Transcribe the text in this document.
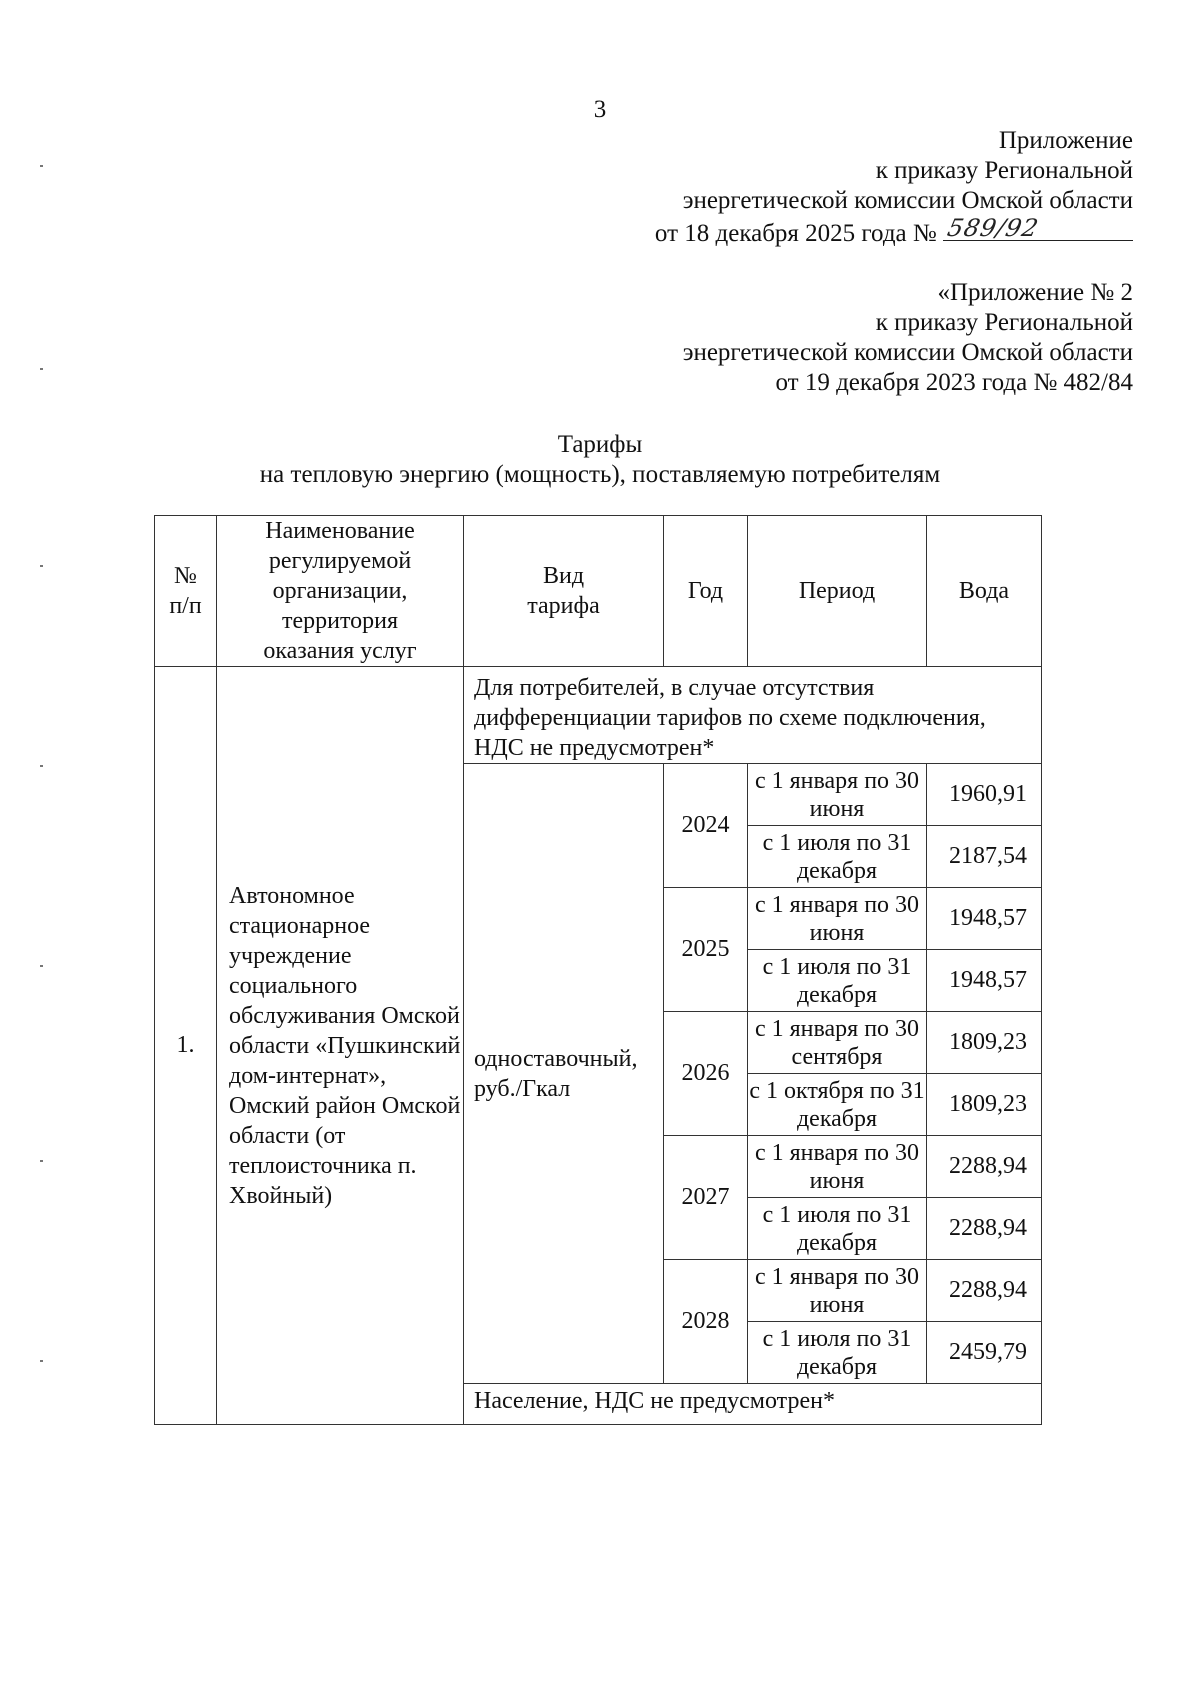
3
Приложение
к приказу Региональной
энергетической комиссии Омской области
от 18 декабря 2025 года № 589/92
«Приложение № 2
к приказу Региональной
энергетической комиссии Омской области
от 19 декабря 2023 года № 482/84
Тарифы
на тепловую энергию (мощность), поставляемую потребителям
№ п/п	Наименование регулируемой организации, территория оказания услуг	Вид тарифа	Год	Период	Вода
1.	Автономное стационарное учреждение социального обслуживания Омской области «Пушкинский дом-интернат», Омский район Омской области (от теплоисточника п. Хвойный)	Для потребителей, в случае отсутствия дифференциации тарифов по схеме подключения, НДС не предусмотрен*			
		одноставочный, руб./Гкал	2024	с 1 января по 30 июня	1960,91
				с 1 июля по 31 декабря	2187,54
			2025	с 1 января по 30 июня	1948,57
				с 1 июля по 31 декабря	1948,57
			2026	с 1 января по 30 сентября	1809,23
				с 1 октября по 31 декабря	1809,23
			2027	с 1 января по 30 июня	2288,94
				с 1 июля по 31 декабря	2288,94
			2028	с 1 января по 30 июня	2288,94
				с 1 июля по 31 декабря	2459,79
		Население, НДС не предусмотрен*			
